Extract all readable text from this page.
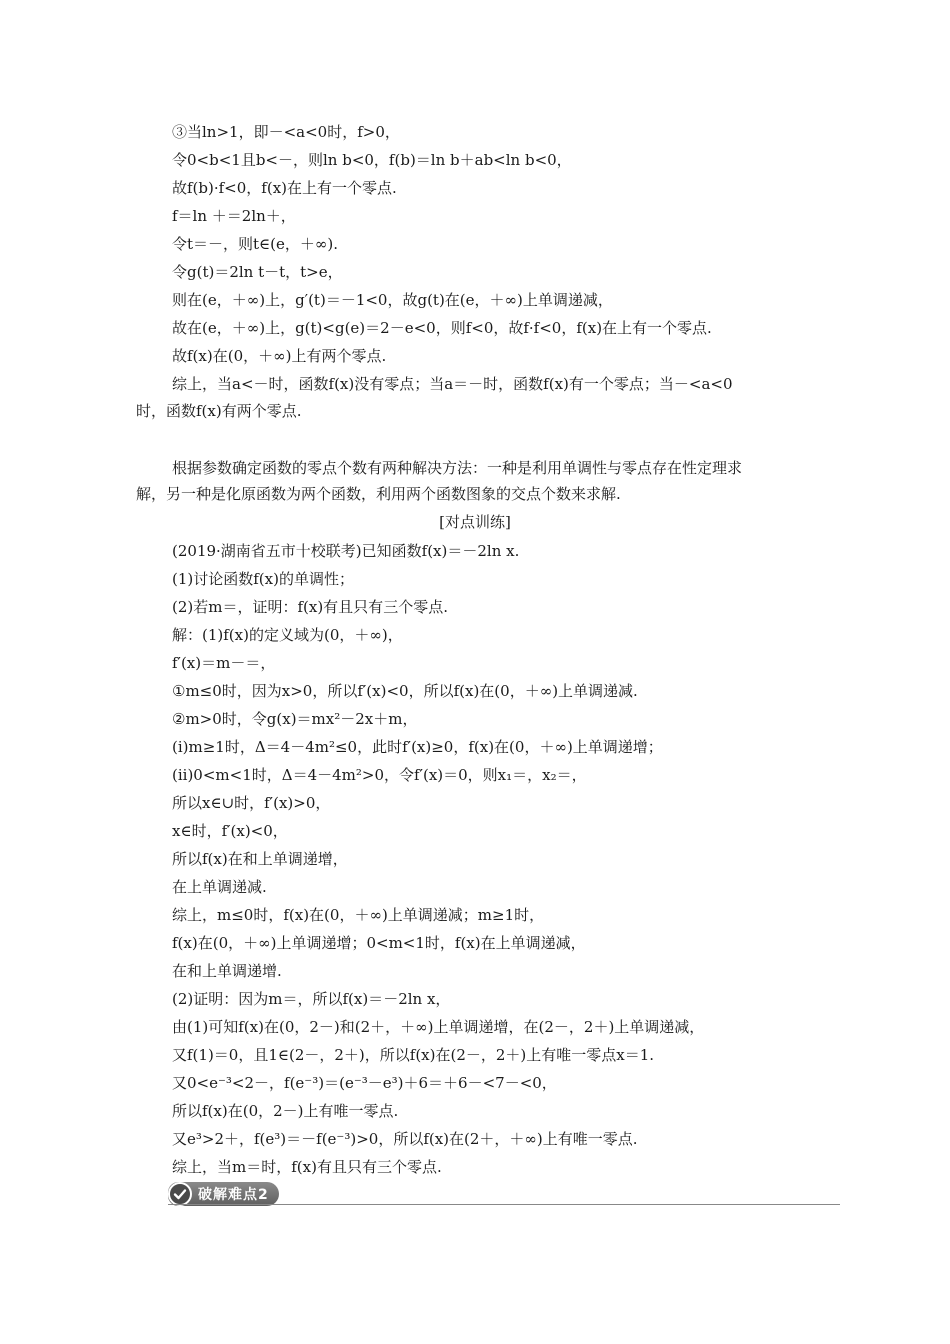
③当ln>1，即－<a<0时，f>0，
令0<b<1且b<－，则ln b<0，f(b)＝ln b＋ab<ln b<0，
故f(b)·f<0，f(x)在上有一个零点.
f＝ln ＋＝2ln＋，
令t＝－，则t∈(e，＋∞).
令g(t)＝2ln t－t，t>e，
则在(e，＋∞)上，g′(t)＝－1<0，故g(t)在(e，＋∞)上单调递减，
故在(e，＋∞)上，g(t)<g(e)＝2－e<0，则f<0，故f·f<0，f(x)在上有一个零点.
故f(x)在(0，＋∞)上有两个零点.
综上，当a<－时，函数f(x)没有零点；当a＝－时，函数f(x)有一个零点；当－<a<0
时，函数f(x)有两个零点.
根据参数确定函数的零点个数有两种解决方法：一种是利用单调性与零点存在性定理求
解，另一种是化原函数为两个函数，利用两个函数图象的交点个数来求解.
[对点训练]
(2019·湖南省五市十校联考)已知函数f(x)＝－2ln x.
(1)讨论函数f(x)的单调性；
(2)若m＝，证明：f(x)有且只有三个零点.
解：(1)f(x)的定义域为(0，＋∞)，
f′(x)＝m－＝，
①m≤0时，因为x>0，所以f′(x)<0，所以f(x)在(0，＋∞)上单调递减.
②m>0时，令g(x)＝mx²－2x＋m，
(i)m≥1时，Δ＝4－4m²≤0，此时f′(x)≥0，f(x)在(0，＋∞)上单调递增；
(ii)0<m<1时，Δ＝4－4m²>0，令f′(x)＝0，则x₁＝，x₂＝，
所以x∈∪时，f′(x)>0，
x∈时，f′(x)<0，
所以f(x)在和上单调递增，
在上单调递减.
综上，m≤0时，f(x)在(0，＋∞)上单调递减；m≥1时，
f(x)在(0，＋∞)上单调递增；0<m<1时，f(x)在上单调递减，
在和上单调递增.
(2)证明：因为m＝，所以f(x)＝－2ln x，
由(1)可知f(x)在(0，2－)和(2＋，＋∞)上单调递增，在(2－，2＋)上单调递减，
又f(1)＝0，且1∈(2－，2＋)，所以f(x)在(2－，2＋)上有唯一零点x＝1.
又0<e⁻³<2－，f(e⁻³)＝(e⁻³－e³)＋6＝＋6－<7－<0，
所以f(x)在(0，2－)上有唯一零点.
又e³>2＋，f(e³)＝－f(e⁻³)>0，所以f(x)在(2＋，＋∞)上有唯一零点.
综上，当m＝时，f(x)有且只有三个零点.
破解难点2
